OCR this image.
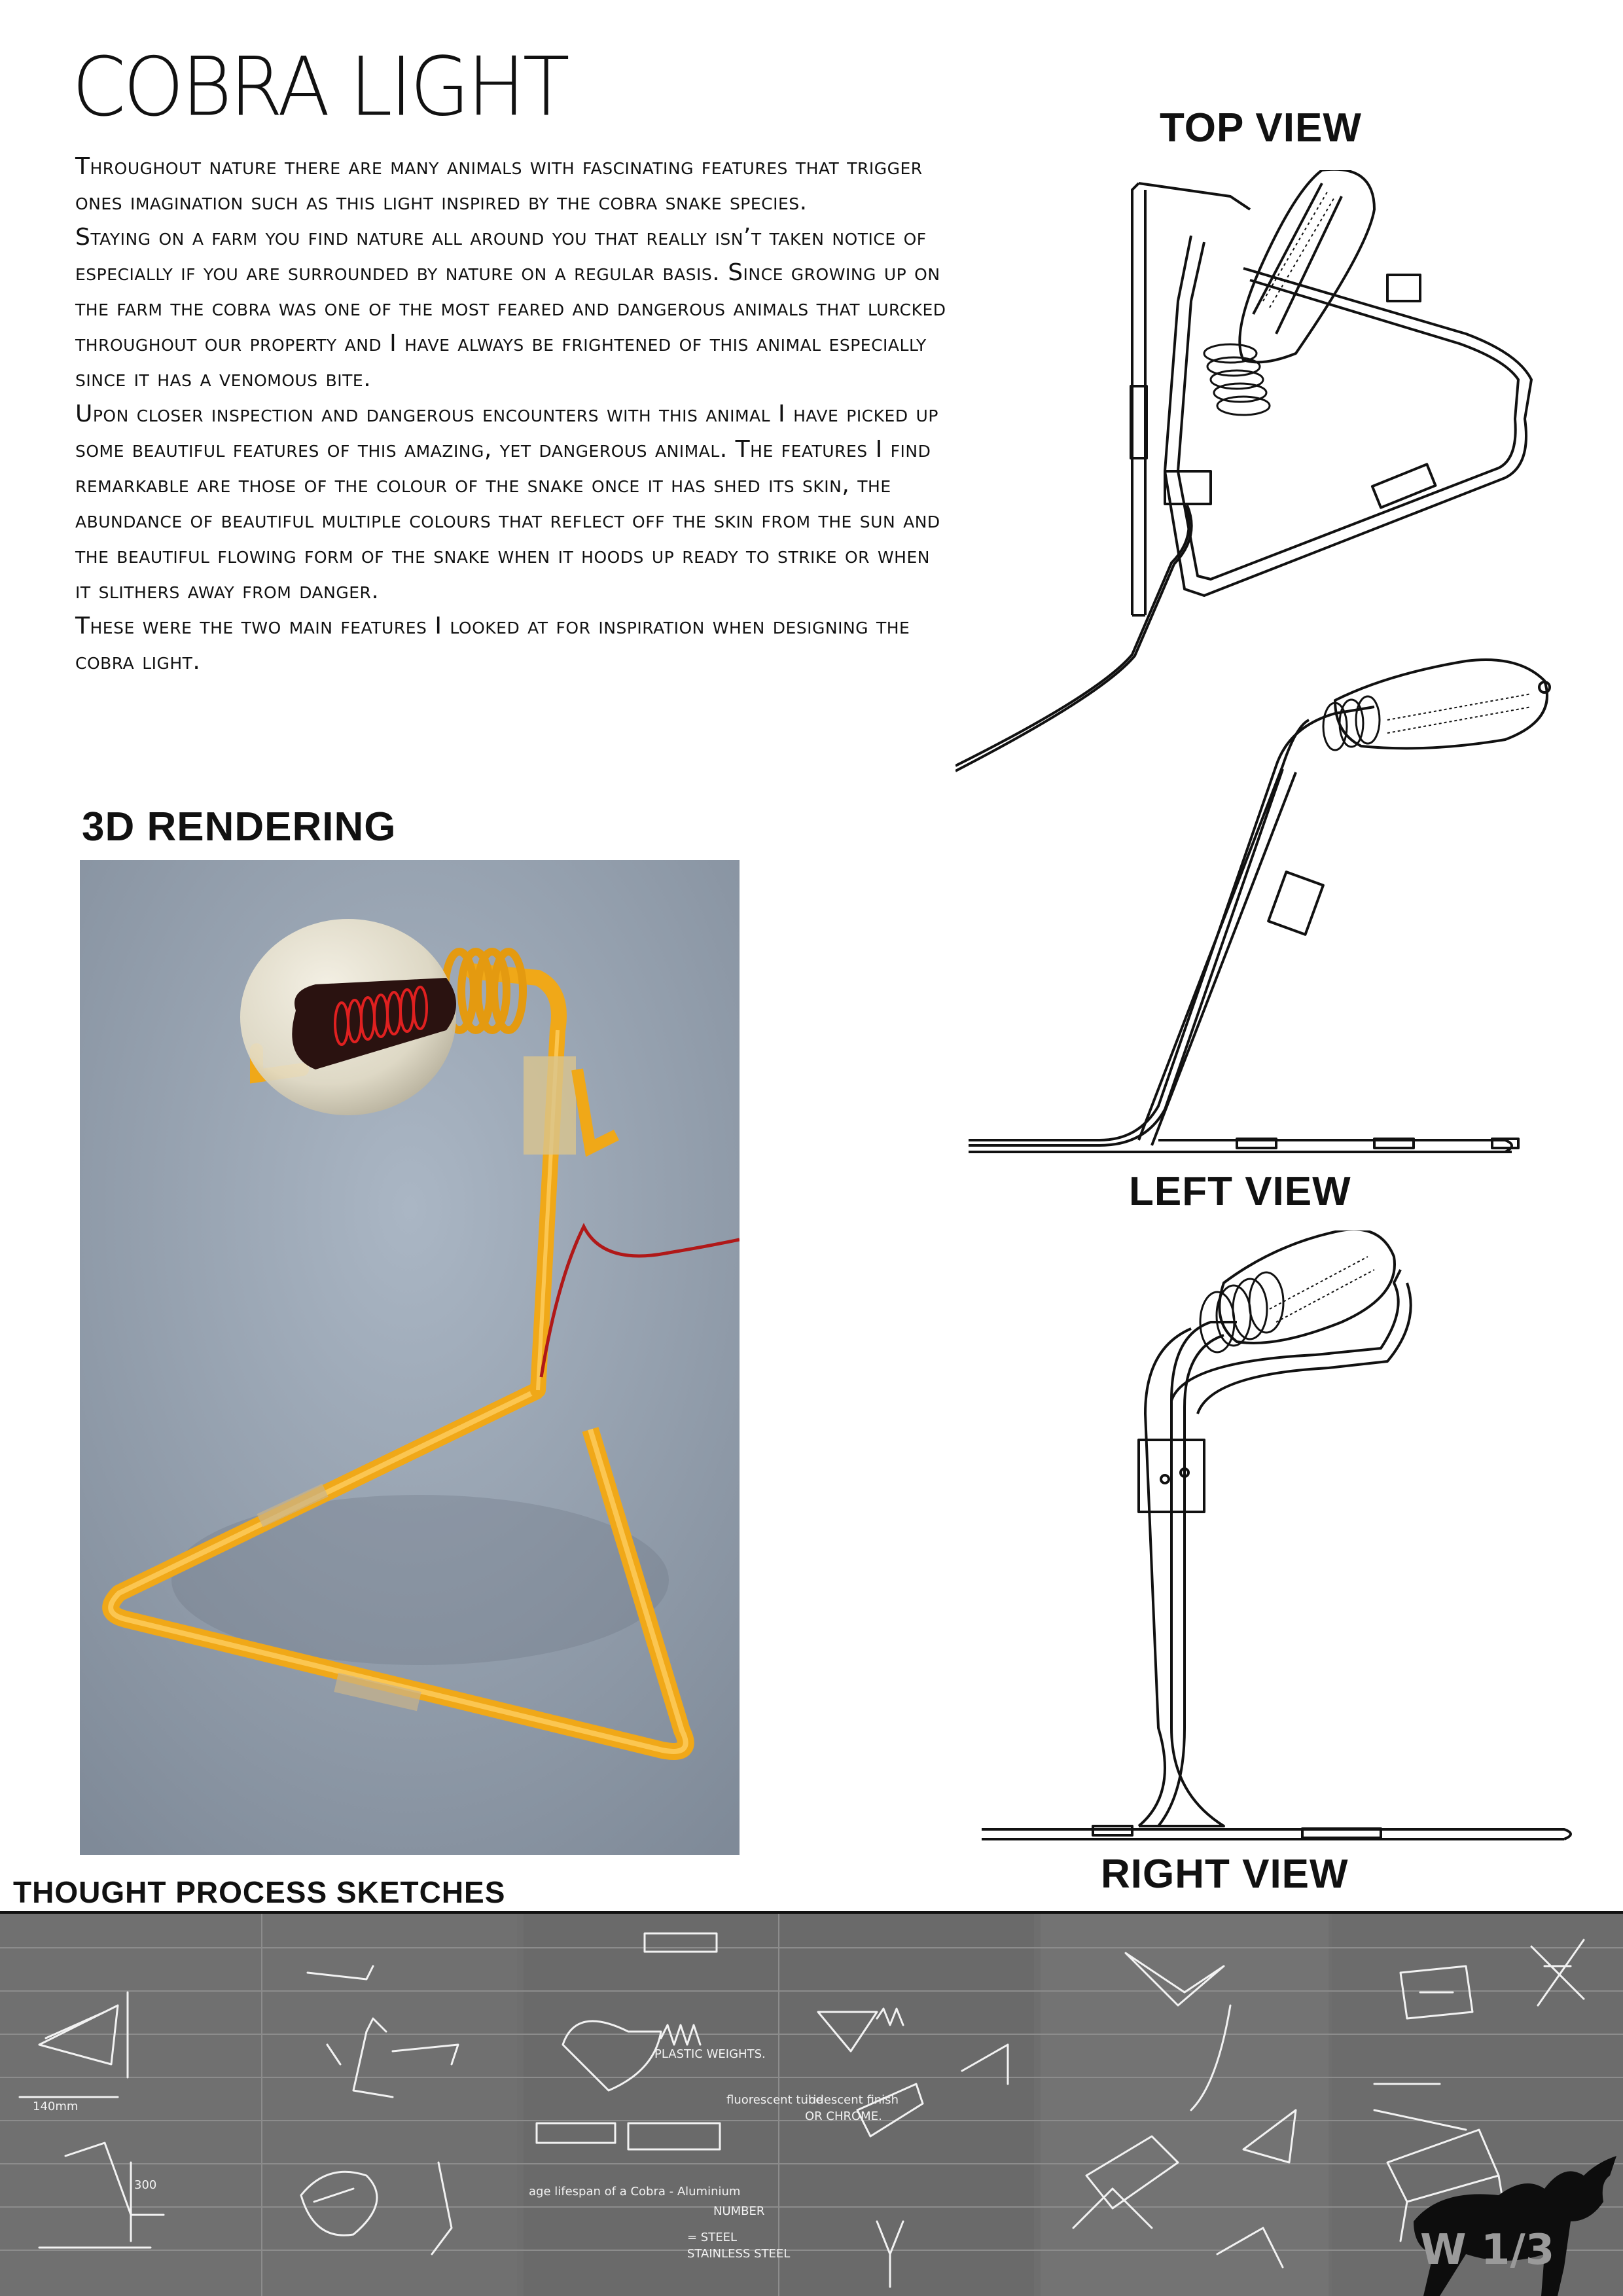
COBRA LIGHT

Throughout nature there are many animals with fascinating features that trigger ones imagination such as this light inspired by the cobra snake species.

Staying on a farm you find nature all around you that really isn’t taken notice of especially if you are surrounded by nature on a regular basis. Since growing up on the farm the cobra was one of the most feared and dangerous animals that lurcked throughout our property and I have always be frightened of this animal especially since it has a venomous bite.

Upon closer inspection and dangerous encounters with this animal I have picked up some beautiful features of this amazing, yet dangerous animal. The features I find remarkable are those of the colour of the snake once it has shed its skin, the abundance of beautiful multiple colours that reflect off the skin from the sun and the beautiful flowing form of the snake when it hoods up ready to strike or when it slithers away from danger.

These were the two main features I looked at for inspiration when designing the cobra light.

3D RENDERING
TOP VIEW
LEFT VIEW
RIGHT VIEW
THOUGHT PROCESS SKETCHES
PLASTIC WEIGHTS.
fluorescent tube
iridescent finish
OR CHROME.
age lifespan of a Cobra - Aluminium
NUMBER
= STEEL
STAINLESS STEEL
300
140mm
W 1/3
